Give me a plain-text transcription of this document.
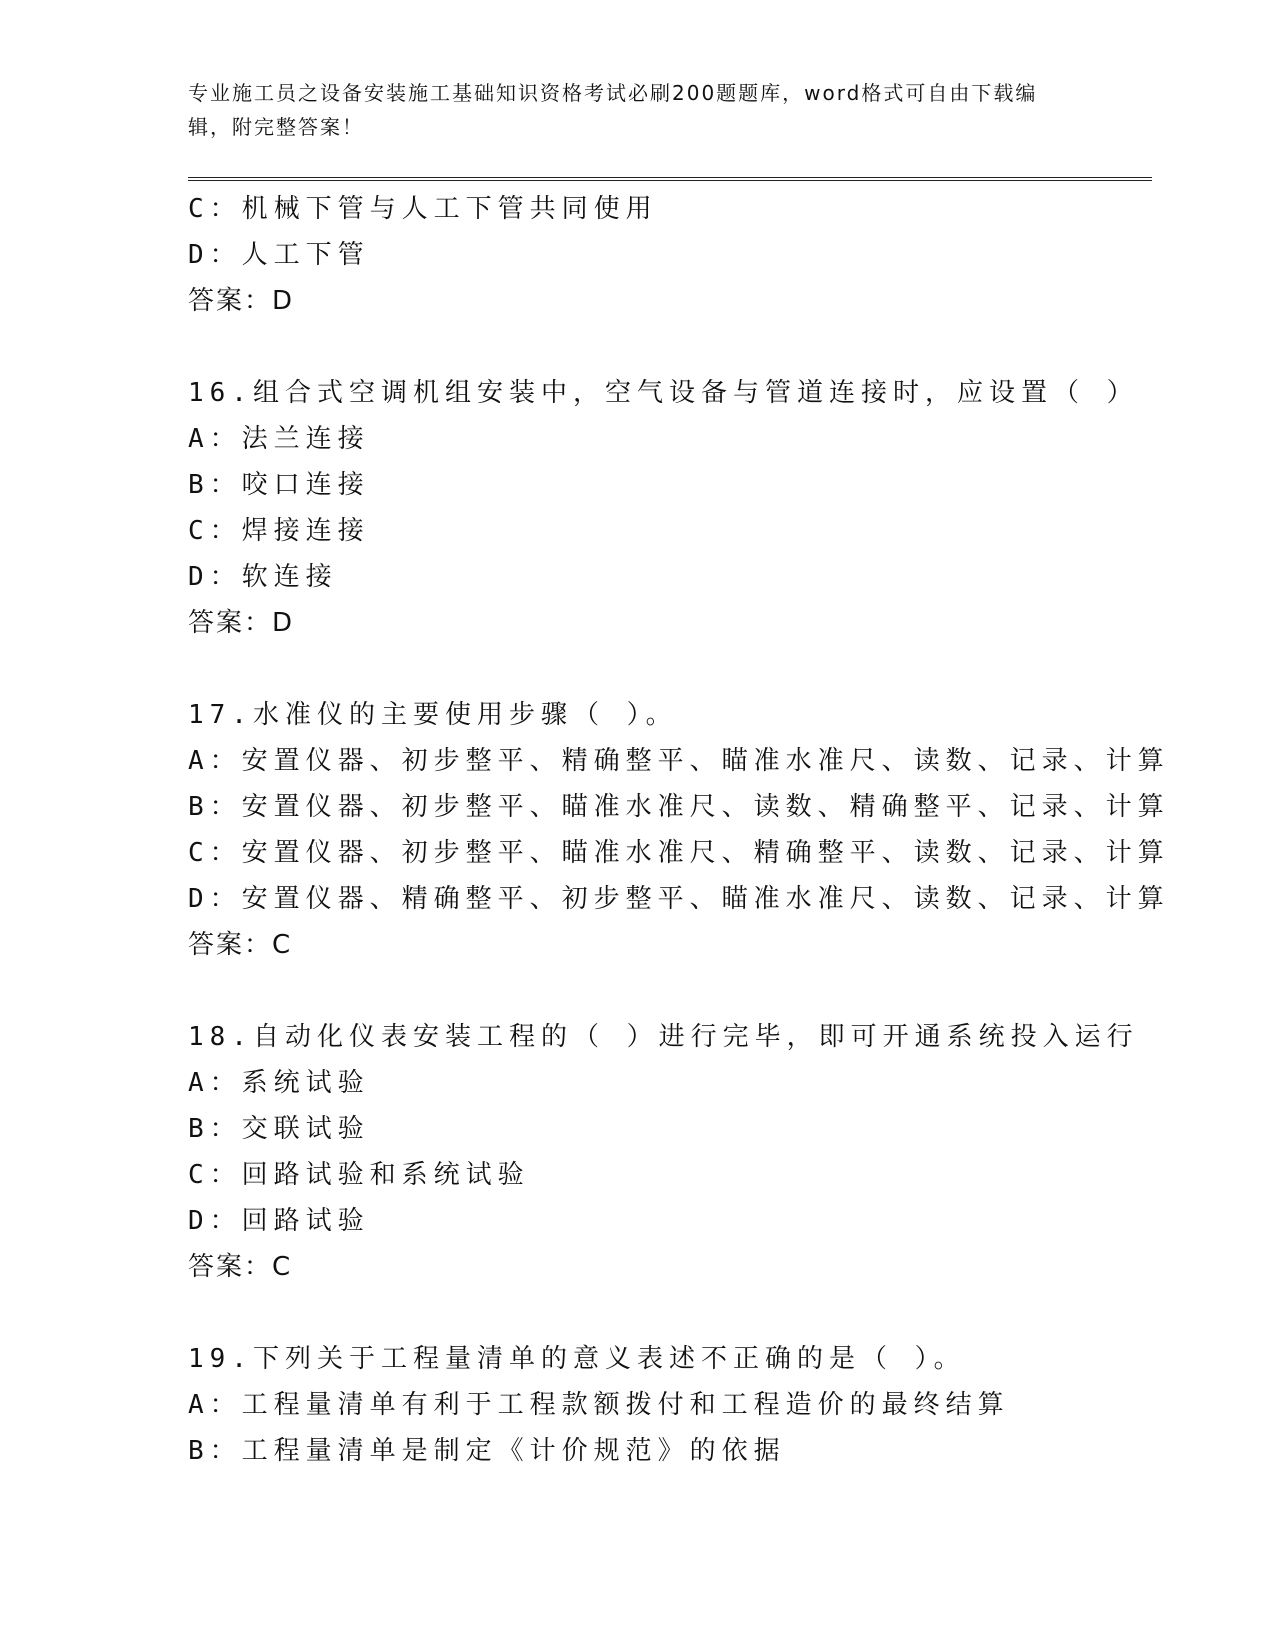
专业施工员之设备安装施工基础知识资格考试必刷200题题库，word格式可自由下载编辑，附完整答案！
C：机械下管与人工下管共同使用
D：人工下管
答案：D
16.组合式空调机组安装中，空气设备与管道连接时，应设置（ ）
A：法兰连接
B：咬口连接
C：焊接连接
D：软连接
答案：D
17.水准仪的主要使用步骤（ ）。
A：安置仪器、初步整平、精确整平、瞄准水准尺、读数、记录、计算
B：安置仪器、初步整平、瞄准水准尺、读数、精确整平、记录、计算
C：安置仪器、初步整平、瞄准水准尺、精确整平、读数、记录、计算
D：安置仪器、精确整平、初步整平、瞄准水准尺、读数、记录、计算
答案：C
18.自动化仪表安装工程的（ ）进行完毕，即可开通系统投入运行
A：系统试验
B：交联试验
C：回路试验和系统试验
D：回路试验
答案：C
19.下列关于工程量清单的意义表述不正确的是（ ）。
A：工程量清单有利于工程款额拨付和工程造价的最终结算
B：工程量清单是制定《计价规范》的依据
